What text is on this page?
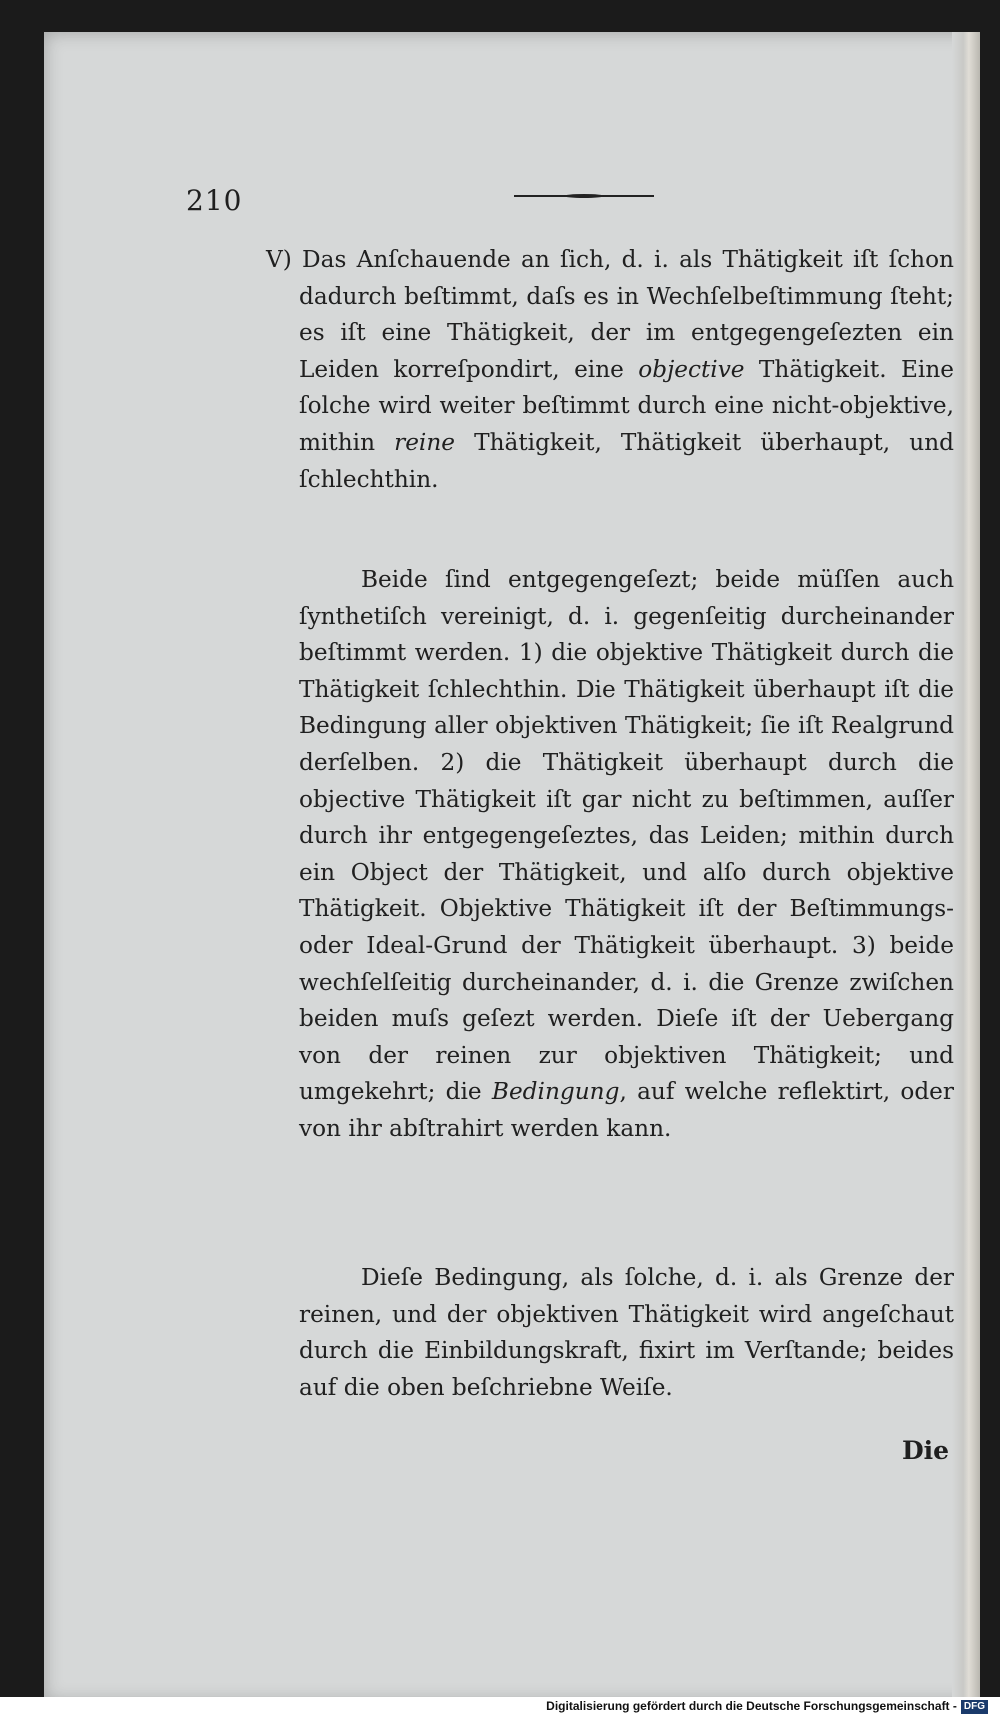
210

V) Das Anſchauende an ſich, d. i. als Thätigkeit iſt ſchon dadurch beſtimmt, daſs es in Wechſelbeſtimmung ſteht; es iſt eine Thätigkeit, der im entgegengeſezten ein Leiden korreſpondirt, eine objective Thätigkeit. Eine ſolche wird weiter beſtimmt durch eine nicht-objektive, mithin reine Thätigkeit, Thätigkeit überhaupt, und ſchlechthin.

Beide ſind entgegengeſezt; beide müſſen auch ſynthetiſch vereinigt, d. i. gegenſeitig durcheinander beſtimmt werden. 1) die objektive Thätigkeit durch die Thätigkeit ſchlechthin. Die Thätigkeit überhaupt iſt die Bedingung aller objektiven Thätigkeit; ſie iſt Realgrund derſelben. 2) die Thätigkeit überhaupt durch die objective Thätigkeit iſt gar nicht zu beſtimmen, auſſer durch ihr entgegengeſeztes, das Leiden; mithin durch ein Object der Thätigkeit, und alſo durch objektive Thätigkeit. Objektive Thätigkeit iſt der Beſtimmungs- oder Ideal-Grund der Thätigkeit überhaupt. 3) beide wechſelſeitig durcheinander, d. i. die Grenze zwiſchen beiden muſs geſezt werden. Dieſe iſt der Uebergang von der reinen zur objektiven Thätigkeit; und umgekehrt; die Bedingung, auf welche reflektirt, oder von ihr abſtrahirt werden kann.

Dieſe Bedingung, als ſolche, d. i. als Grenze der reinen, und der objektiven Thätigkeit wird angeſchaut durch die Einbildungskraft, fixirt im Verſtande; beides auf die oben beſchriebne Weiſe.

Die
Digitalisierung gefördert durch die Deutsche Forschungsgemeinschaft - DFG
